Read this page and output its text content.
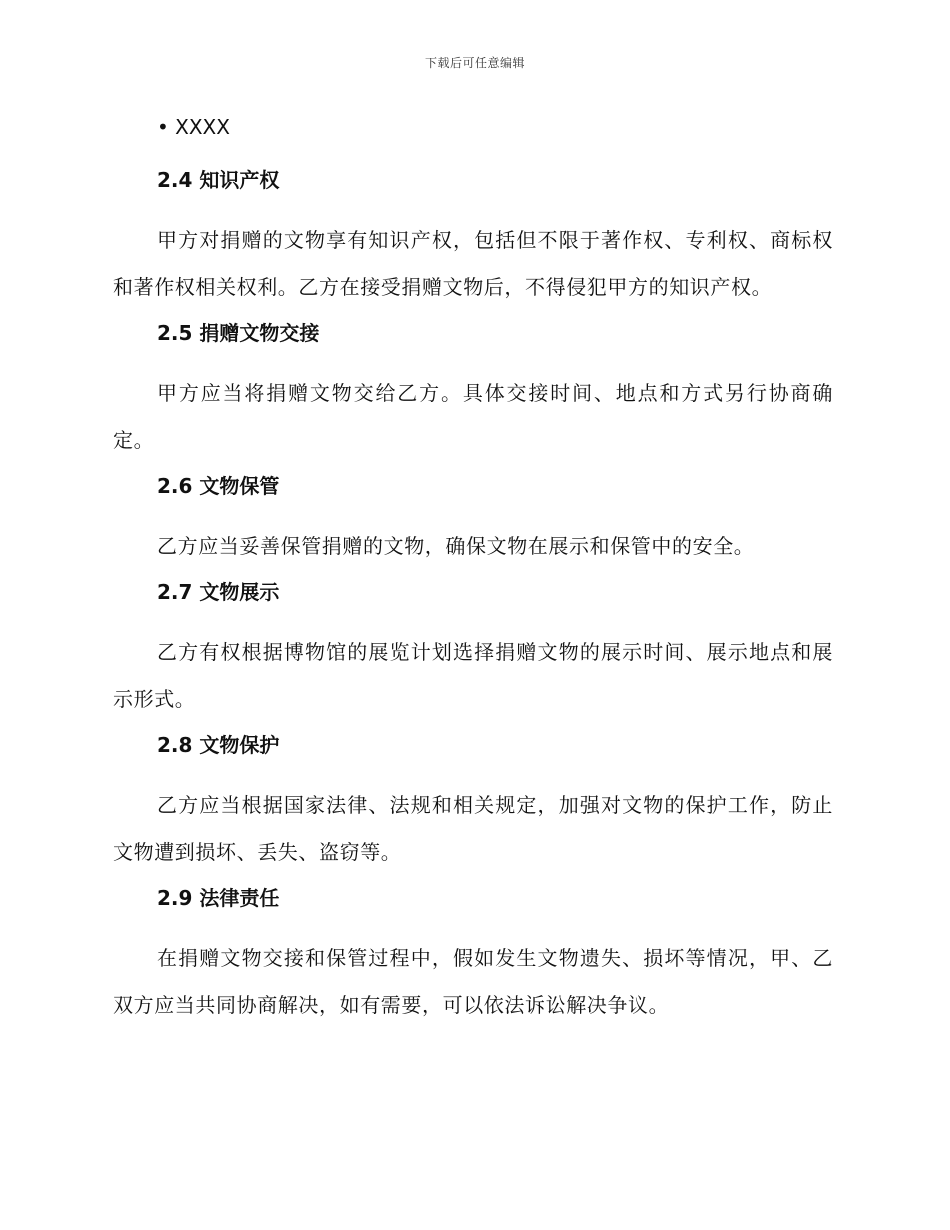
下载后可任意编辑
• XXXX
2.4 知识产权
甲方对捐赠的文物享有知识产权，包括但不限于著作权、专利权、商标权和著作权相关权利。乙方在接受捐赠文物后，不得侵犯甲方的知识产权。
2.5 捐赠文物交接
甲方应当将捐赠文物交给乙方。具体交接时间、地点和方式另行协商确定。
2.6 文物保管
乙方应当妥善保管捐赠的文物，确保文物在展示和保管中的安全。
2.7 文物展示
乙方有权根据博物馆的展览计划选择捐赠文物的展示时间、展示地点和展示形式。
2.8 文物保护
乙方应当根据国家法律、法规和相关规定，加强对文物的保护工作，防止文物遭到损坏、丢失、盗窃等。
2.9 法律责任
在捐赠文物交接和保管过程中，假如发生文物遗失、损坏等情况，甲、乙双方应当共同协商解决，如有需要，可以依法诉讼解决争议。
